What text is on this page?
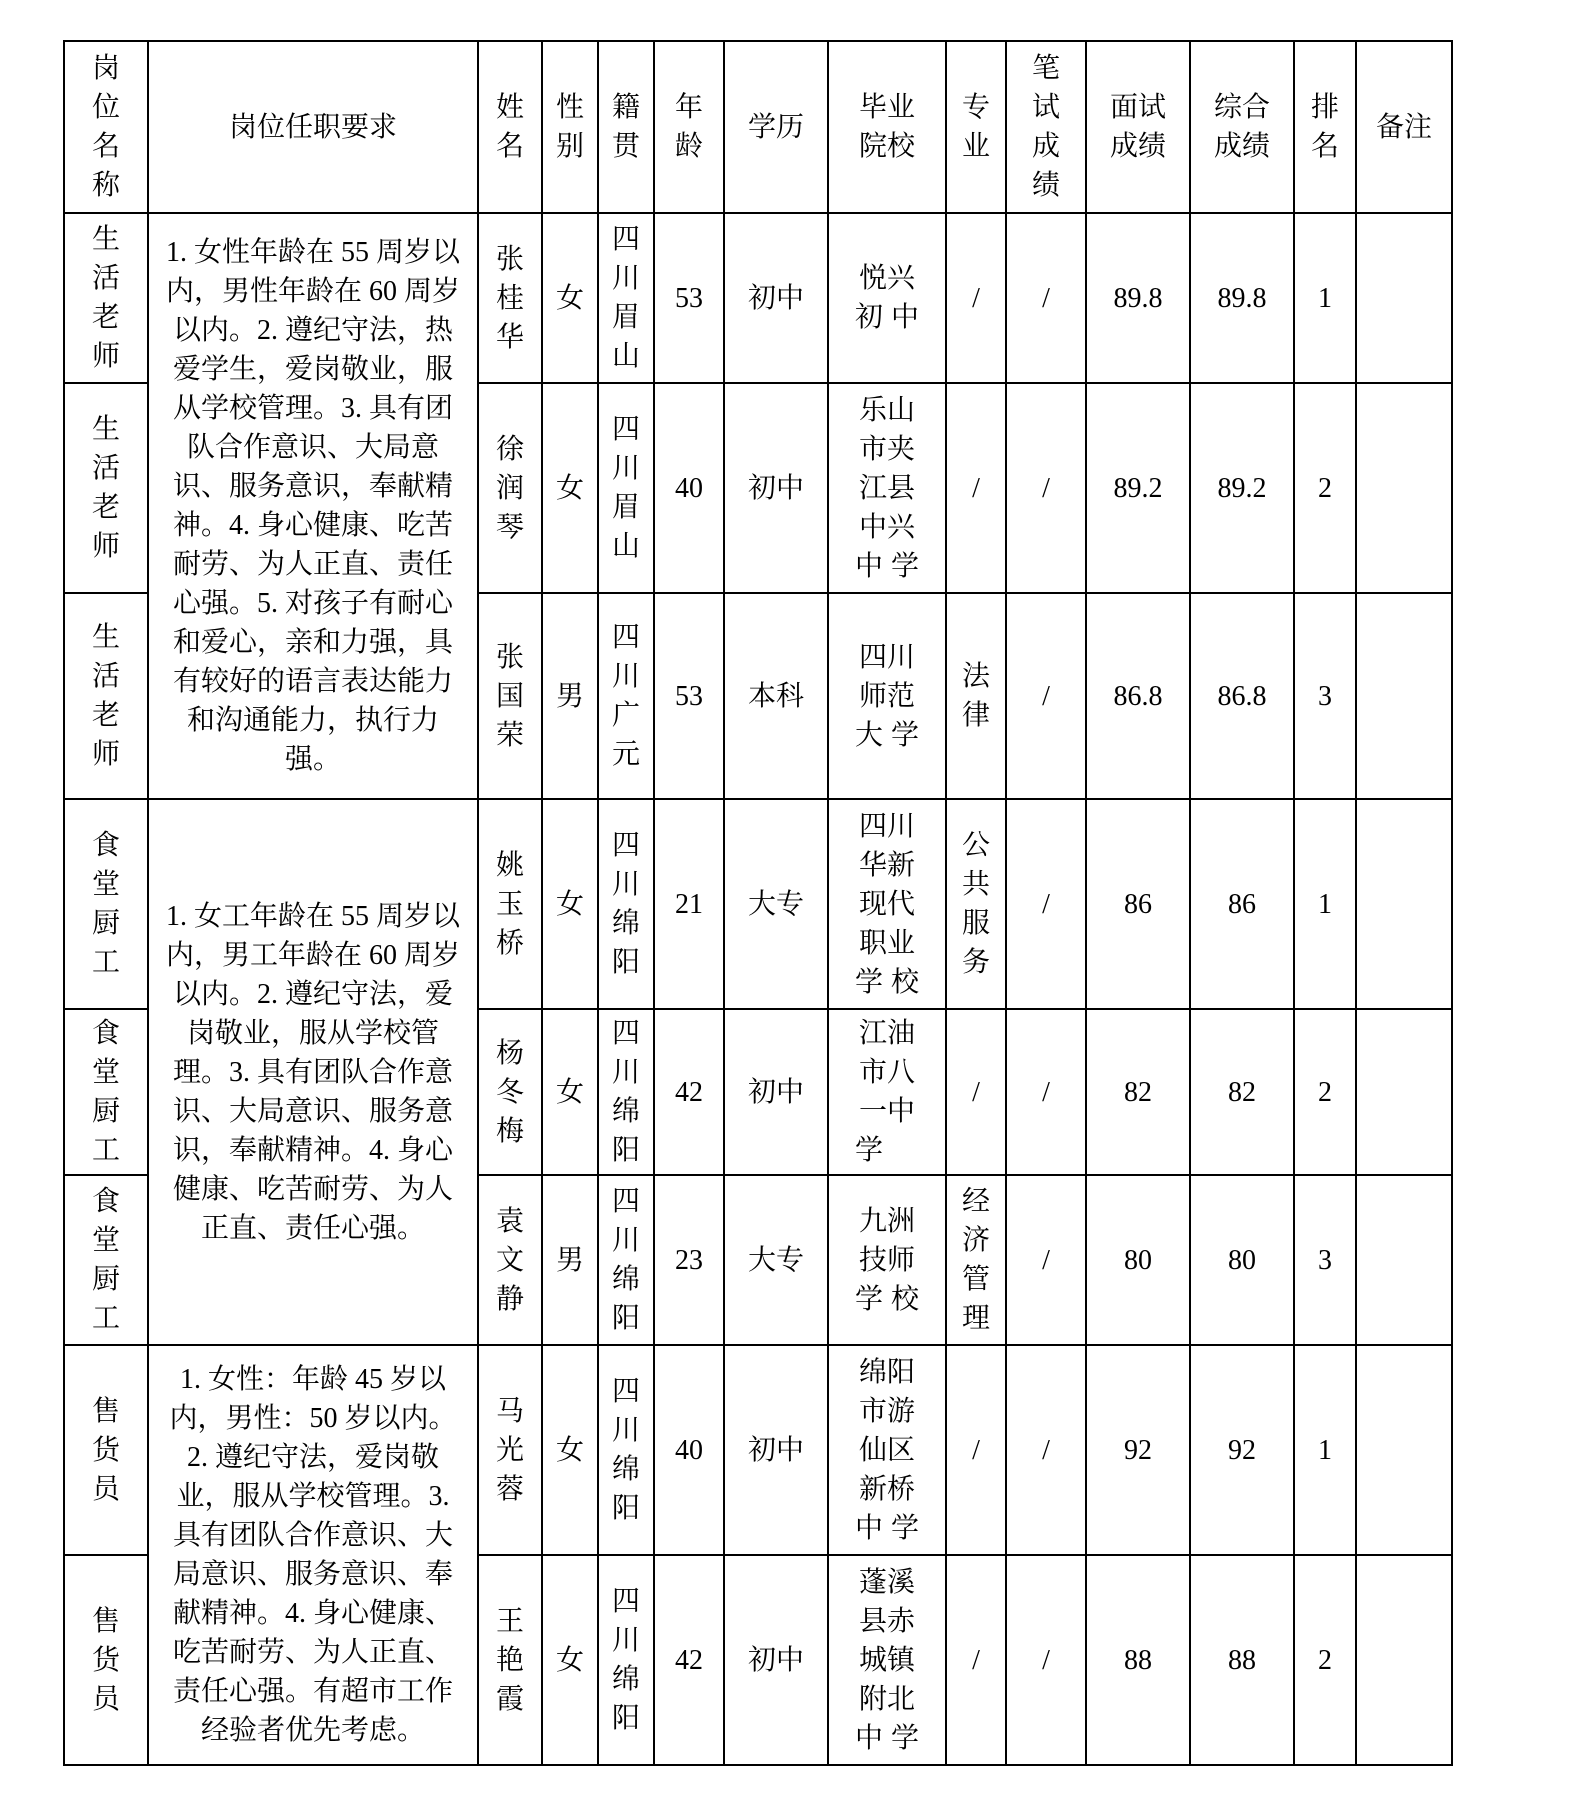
岗位名称	岗位任职要求	姓名	性别	籍贯	年龄	学历	毕业院校	专业	笔试成绩	面试成绩	综合成绩	排名	备注
生活老师	1. 女性年龄在 55 周岁以内，男性年龄在 60 周岁以内。2. 遵纪守法，热爱学生，爱岗敬业，服从学校管理。3. 具有团队合作意识、大局意识、服务意识，奉献精神。4. 身心健康、吃苦耐劳、为人正直、责任心强。5. 对孩子有耐心和爱心，亲和力强，具有较好的语言表达能力和沟通能力，执行力强。	张桂华	女	四川眉山	53	初中	悦兴初中	/	/	89.8	89.8	1	
生活老师		徐润琴	女	四川眉山	40	初中	乐山市夹江县中兴中学	/	/	89.2	89.2	2	
生活老师		张国荣	男	四川广元	53	本科	四川师范大学	法律	/	86.8	86.8	3	
食堂厨工	1. 女工年龄在 55 周岁以内，男工年龄在 60 周岁以内。2. 遵纪守法，爱岗敬业，服从学校管理。3. 具有团队合作意识、大局意识、服务意识，奉献精神。4. 身心健康、吃苦耐劳、为人正直、责任心强。	姚玉桥	女	四川绵阳	21	大专	四川华新现代职业学校	公共服务	/	86	86	1	
食堂厨工		杨冬梅	女	四川绵阳	42	初中	江油市八一中学	/	/	82	82	2	
食堂厨工		袁文静	男	四川绵阳	23	大专	九洲技师学校	经济管理	/	80	80	3	
售货员	1. 女性：年龄 45 岁以内，男性：50 岁以内。2. 遵纪守法，爱岗敬业，服从学校管理。3. 具有团队合作意识、大局意识、服务意识、奉献精神。4. 身心健康、吃苦耐劳、为人正直、责任心强。有超市工作经验者优先考虑。	马光蓉	女	四川绵阳	40	初中	绵阳市游仙区新桥中学	/	/	92	92	1	
售货员		王艳霞	女	四川绵阳	42	初中	蓬溪县赤城镇附北中学	/	/	88	88	2	
